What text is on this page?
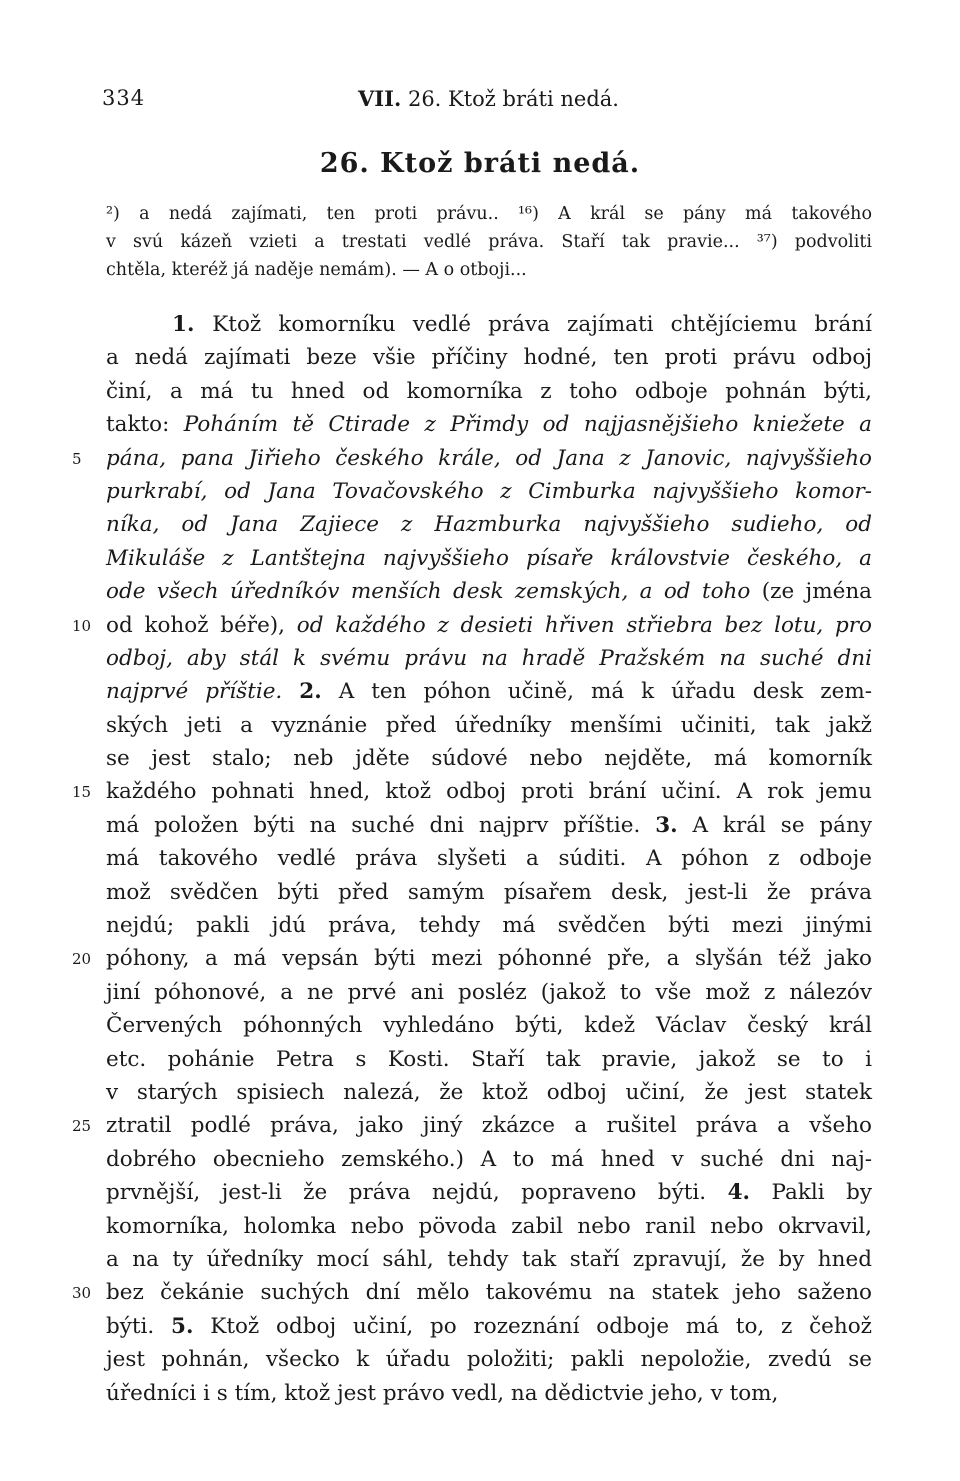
334	VII. 26. Ktož bráti nedá.
26. Ktož bráti nedá.
²) a nedá zajímati, ten proti právu.. ¹⁶) A král se pány má takového
v svú kázeň vzieti a trestati vedlé práva. Staří tak pravie... ³⁷) podvoliti
chtěla, kteréž já naděje nemám). — A o otboji...
1. Ktož komorníku vedlé práva zajímati chtějíciemu brání
a nedá zajímati beze všie příčiny hodné, ten proti právu odboj
činí, a má tu hned od komorníka z toho odboje pohnán býti,
takto: Poháním tě Ctirade z Přimdy od najjasnějšieho kniežete a
5	pána, pana Jiřieho českého krále, od Jana z Janovic, najvyššieho
purkrabí, od Jana Tovačovského z Cimburka najvyššieho komor-
níka, od Jana Zajiece z Hazmburka najvyššieho sudieho, od
Mikuláše z Lantštejna najvyššieho písaře královstvie českého, a
ode všech úředníkóv menších desk zemských, a od toho (ze jména
10 od kohož béře), od každého z desieti hřiven střiebra bez lotu, pro
odboj, aby stál k svému právu na hradě Pražském na suché dni
najprvé příštie. 2. A ten póhon učině, má k úřadu desk zem-
ských jeti a vyznánie před úředníky menšími učiniti, tak jakž
se jest stalo; neb jděte súdové nebo nejděte, má komorník
15 každého pohnati hned, ktož odboj proti brání učiní. A rok jemu
má položen býti na suché dni najprv příštie. 3. A král se pány
má takového vedlé práva slyšeti a súditi. A póhon z odboje
mož svědčen býti před samým písařem desk, jest-li že práva
nejdú; pakli jdú práva, tehdy má svědčen býti mezi jinými
20 póhony, a má vepsán býti mezi póhonné pře, a slyšán též jako
jiní póhonové, a ne prvé ani posléz (jakož to vše mož z nálezóv
Červených póhonných vyhledáno býti, kdež Václav český král
etc. pohánie Petra s Kosti. Staří tak pravie, jakož se to i
v starých spisiech nalezá, že ktož odboj učiní, že jest statek
25 ztratil podlé práva, jako jiný zkázce a rušitel práva a všeho
dobrého obecnieho zemského.) A to má hned v suché dni naj-
prvnější, jest-li že práva nejdú, popraveno býti. 4. Pakli by
komorníka, holomka nebo pövoda zabil nebo ranil nebo okrvavil,
a na ty úředníky mocí sáhl, tehdy tak staří zpravují, že by hned
30 bez čekánie suchých dní mělo takovému na statek jeho saženo
býti. 5. Ktož odboj učiní, po rozeznání odboje má to, z čehož
jest pohnán, všecko k úřadu položiti; pakli nepoložie, zvedú se
úředníci i s tím, ktož jest právo vedl, na dědictvie jeho, v tom,
